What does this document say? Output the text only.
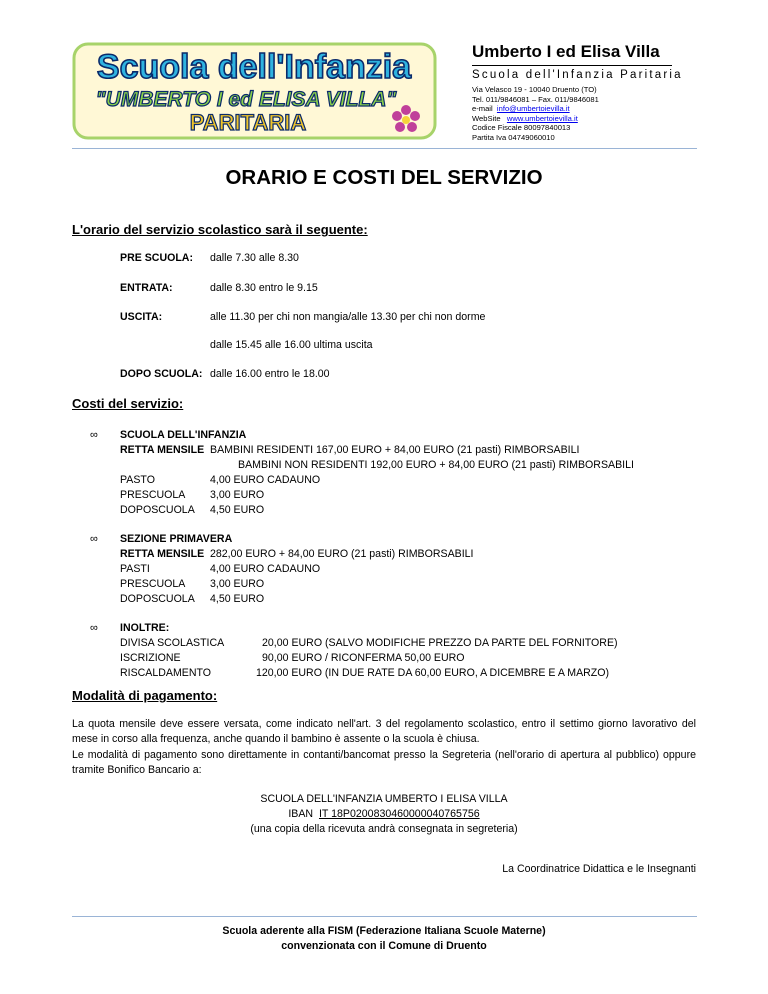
Scuola dell'Infanzia
"UMBERTO I ed ELISA VILLA"
PARITARIA
Umberto I ed Elisa Villa
Scuola dell'Infanzia Paritaria
Via Velasco 19 - 10040 Druento (TO)
Tel. 011/9846081 – Fax. 011/9846081
e-mail info@umbertoievilla.it
WebSite www.umbertoievilla.it
Codice Fiscale 80097840013
Partita Iva 04749060010
ORARIO E COSTI DEL SERVIZIO
L'orario del servizio scolastico sarà il seguente:
PRE SCUOLA: dalle 7.30 alle 8.30
ENTRATA:	dalle 8.30 entro le 9.15
USCITA:	alle 11.30 per chi non mangia/alle 13.30 per chi non dorme
dalle 15.45 alle 16.00 ultima uscita
DOPO SCUOLA: dalle 16.00 entro le 18.00
Costi del servizio:
∞ SCUOLA DELL'INFANZIA
RETTA MENSILE BAMBINI RESIDENTI 167,00 EURO + 84,00 EURO (21 pasti) RIMBORSABILI
BAMBINI NON RESIDENTI 192,00 EURO + 84,00 EURO (21 pasti) RIMBORSABILI
PASTO	4,00 EURO CADAUNO
PRESCUOLA 3,00 EURO
DOPOSCUOLA 4,50 EURO
∞ SEZIONE PRIMAVERA
RETTA MENSILE 282,00 EURO + 84,00 EURO (21 pasti) RIMBORSABILI
PASTI	4,00 EURO CADAUNO
PRESCUOLA 3,00 EURO
DOPOSCUOLA 4,50 EURO
∞ INOLTRE:
DIVISA SCOLASTICA	20,00 EURO (SALVO MODIFICHE PREZZO DA PARTE DEL FORNITORE)
ISCRIZIONE	90,00 EURO / RICONFERMA 50,00 EURO
RISCALDAMENTO	120,00 EURO (IN DUE RATE DA 60,00 EURO, A DICEMBRE E A MARZO)
Modalità di pagamento:
La quota mensile deve essere versata, come indicato nell'art. 3 del regolamento scolastico, entro il settimo giorno lavorativo del mese in corso alla frequenza, anche quando il bambino è assente o la scuola è chiusa.
Le modalità di pagamento sono direttamente in contanti/bancomat presso la Segreteria (nell'orario di apertura al pubblico) oppure tramite Bonifico Bancario a:
SCUOLA DELL'INFANZIA UMBERTO I ELISA VILLA
IBAN IT 18P0200830460000040765756
(una copia della ricevuta andrà consegnata in segreteria)
La Coordinatrice Didattica e le Insegnanti
Scuola aderente alla FISM (Federazione Italiana Scuole Materne)
convenzionata con il Comune di Druento
